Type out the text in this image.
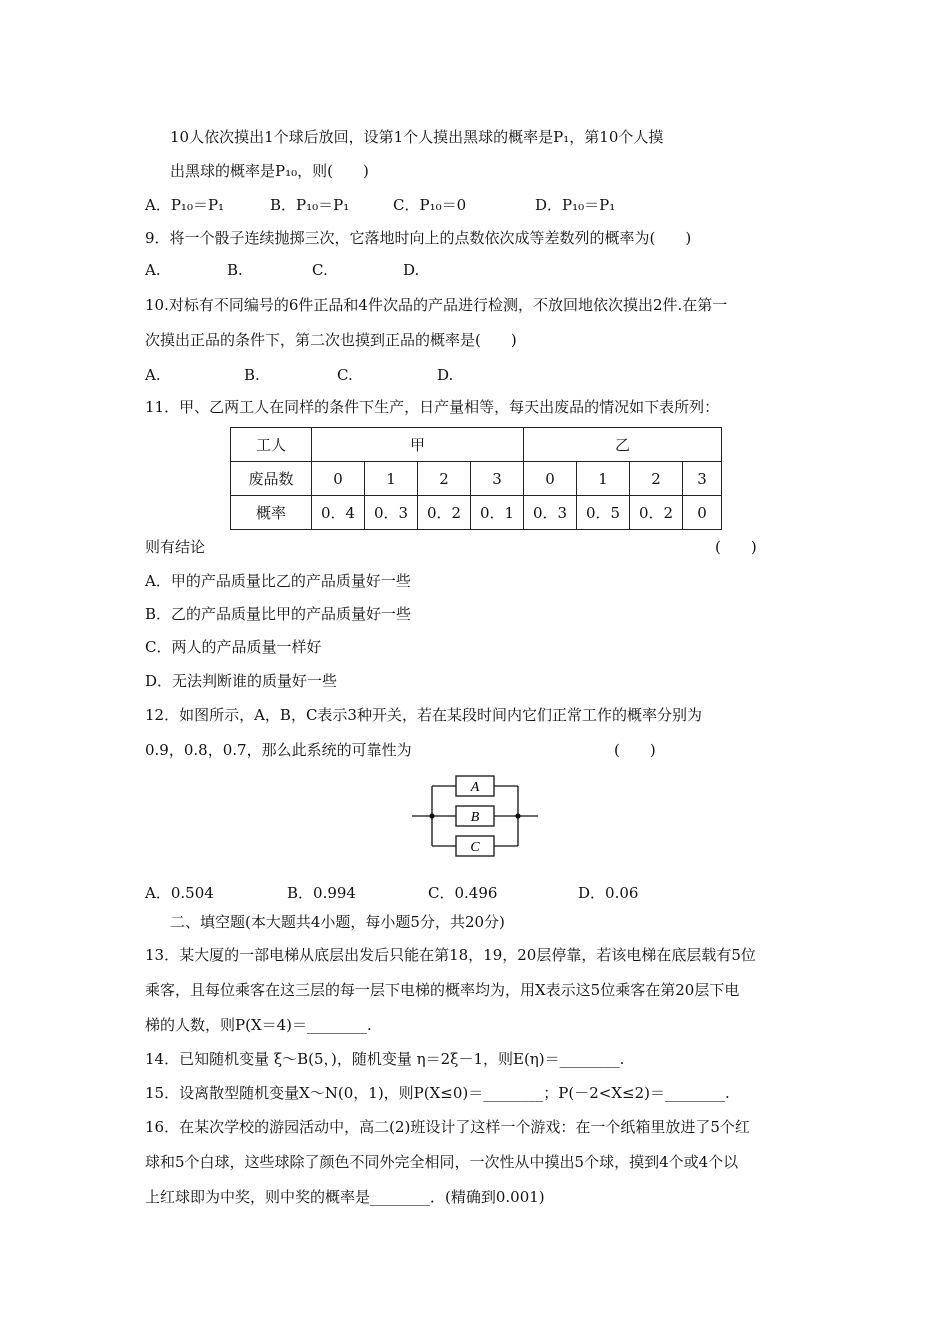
10人依次摸出1个球后放回，设第1个人摸出黑球的概率是P₁，第10个人摸
出黑球的概率是P₁₀，则(　　)
A．P₁₀＝P₁	B．P₁₀＝P₁	C．P₁₀＝0	D．P₁₀＝P₁
9．将一个骰子连续抛掷三次，它落地时向上的点数依次成等差数列的概率为(　　)
A.	B.	C.	D.
10.对标有不同编号的6件正品和4件次品的产品进行检测，不放回地依次摸出2件.在第一
次摸出正品的条件下，第二次也摸到正品的概率是(　　)
A.	B.	C.	D.
11．甲、乙两工人在同样的条件下生产，日产量相等，每天出废品的情况如下表所列：
工人	甲				乙			
废品数	0	1	2	3	0	1	2	3
概率	0．4	0．3	0．2	0．1	0．3	0．5	0．2	0
则有结论	(　　)
A．甲的产品质量比乙的产品质量好一些
B．乙的产品质量比甲的产品质量好一些
C．两人的产品质量一样好
D．无法判断谁的质量好一些
12．如图所示，A，B，C表示3种开关，若在某段时间内它们正常工作的概率分别为
0.9，0.8，0.7，那么此系统的可靠性为	(　　)
A
B
C
A．0.504	B．0.994	C．0.496	D．0.06
二、填空题(本大题共4小题，每小题5分，共20分)
13．某大厦的一部电梯从底层出发后只能在第18，19，20层停靠，若该电梯在底层载有5位
乘客，且每位乘客在这三层的每一层下电梯的概率均为，用X表示这5位乘客在第20层下电
梯的人数，则P(X＝4)＝________.
14．已知随机变量 ξ～B(5，)，随机变量 η＝2ξ－1，则E(η)＝________.
15．设离散型随机变量X～N(0，1)，则P(X≤0)＝________；P(－2<X≤2)＝________.
16．在某次学校的游园活动中，高二(2)班设计了这样一个游戏：在一个纸箱里放进了5个红
球和5个白球，这些球除了颜色不同外完全相同，一次性从中摸出5个球，摸到4个或4个以
上红球即为中奖，则中奖的概率是________．(精确到0.001)
